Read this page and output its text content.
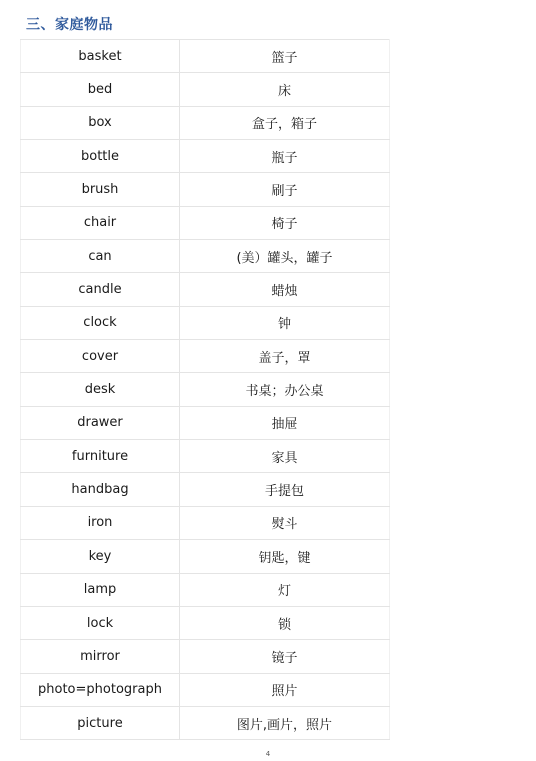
三、家庭物品
basket	篮子
bed	床
box	盒子，箱子
bottle	瓶子
brush	刷子
chair	椅子
can	(美）罐头，罐子
candle	蜡烛
clock	钟
cover	盖子，罩
desk	书桌；办公桌
drawer	抽屉
furniture	家具
handbag	手提包
iron	熨斗
key	钥匙，键
lamp	灯
lock	锁
mirror	镜子
photo=photograph	照片
picture	图片,画片，照片
4
